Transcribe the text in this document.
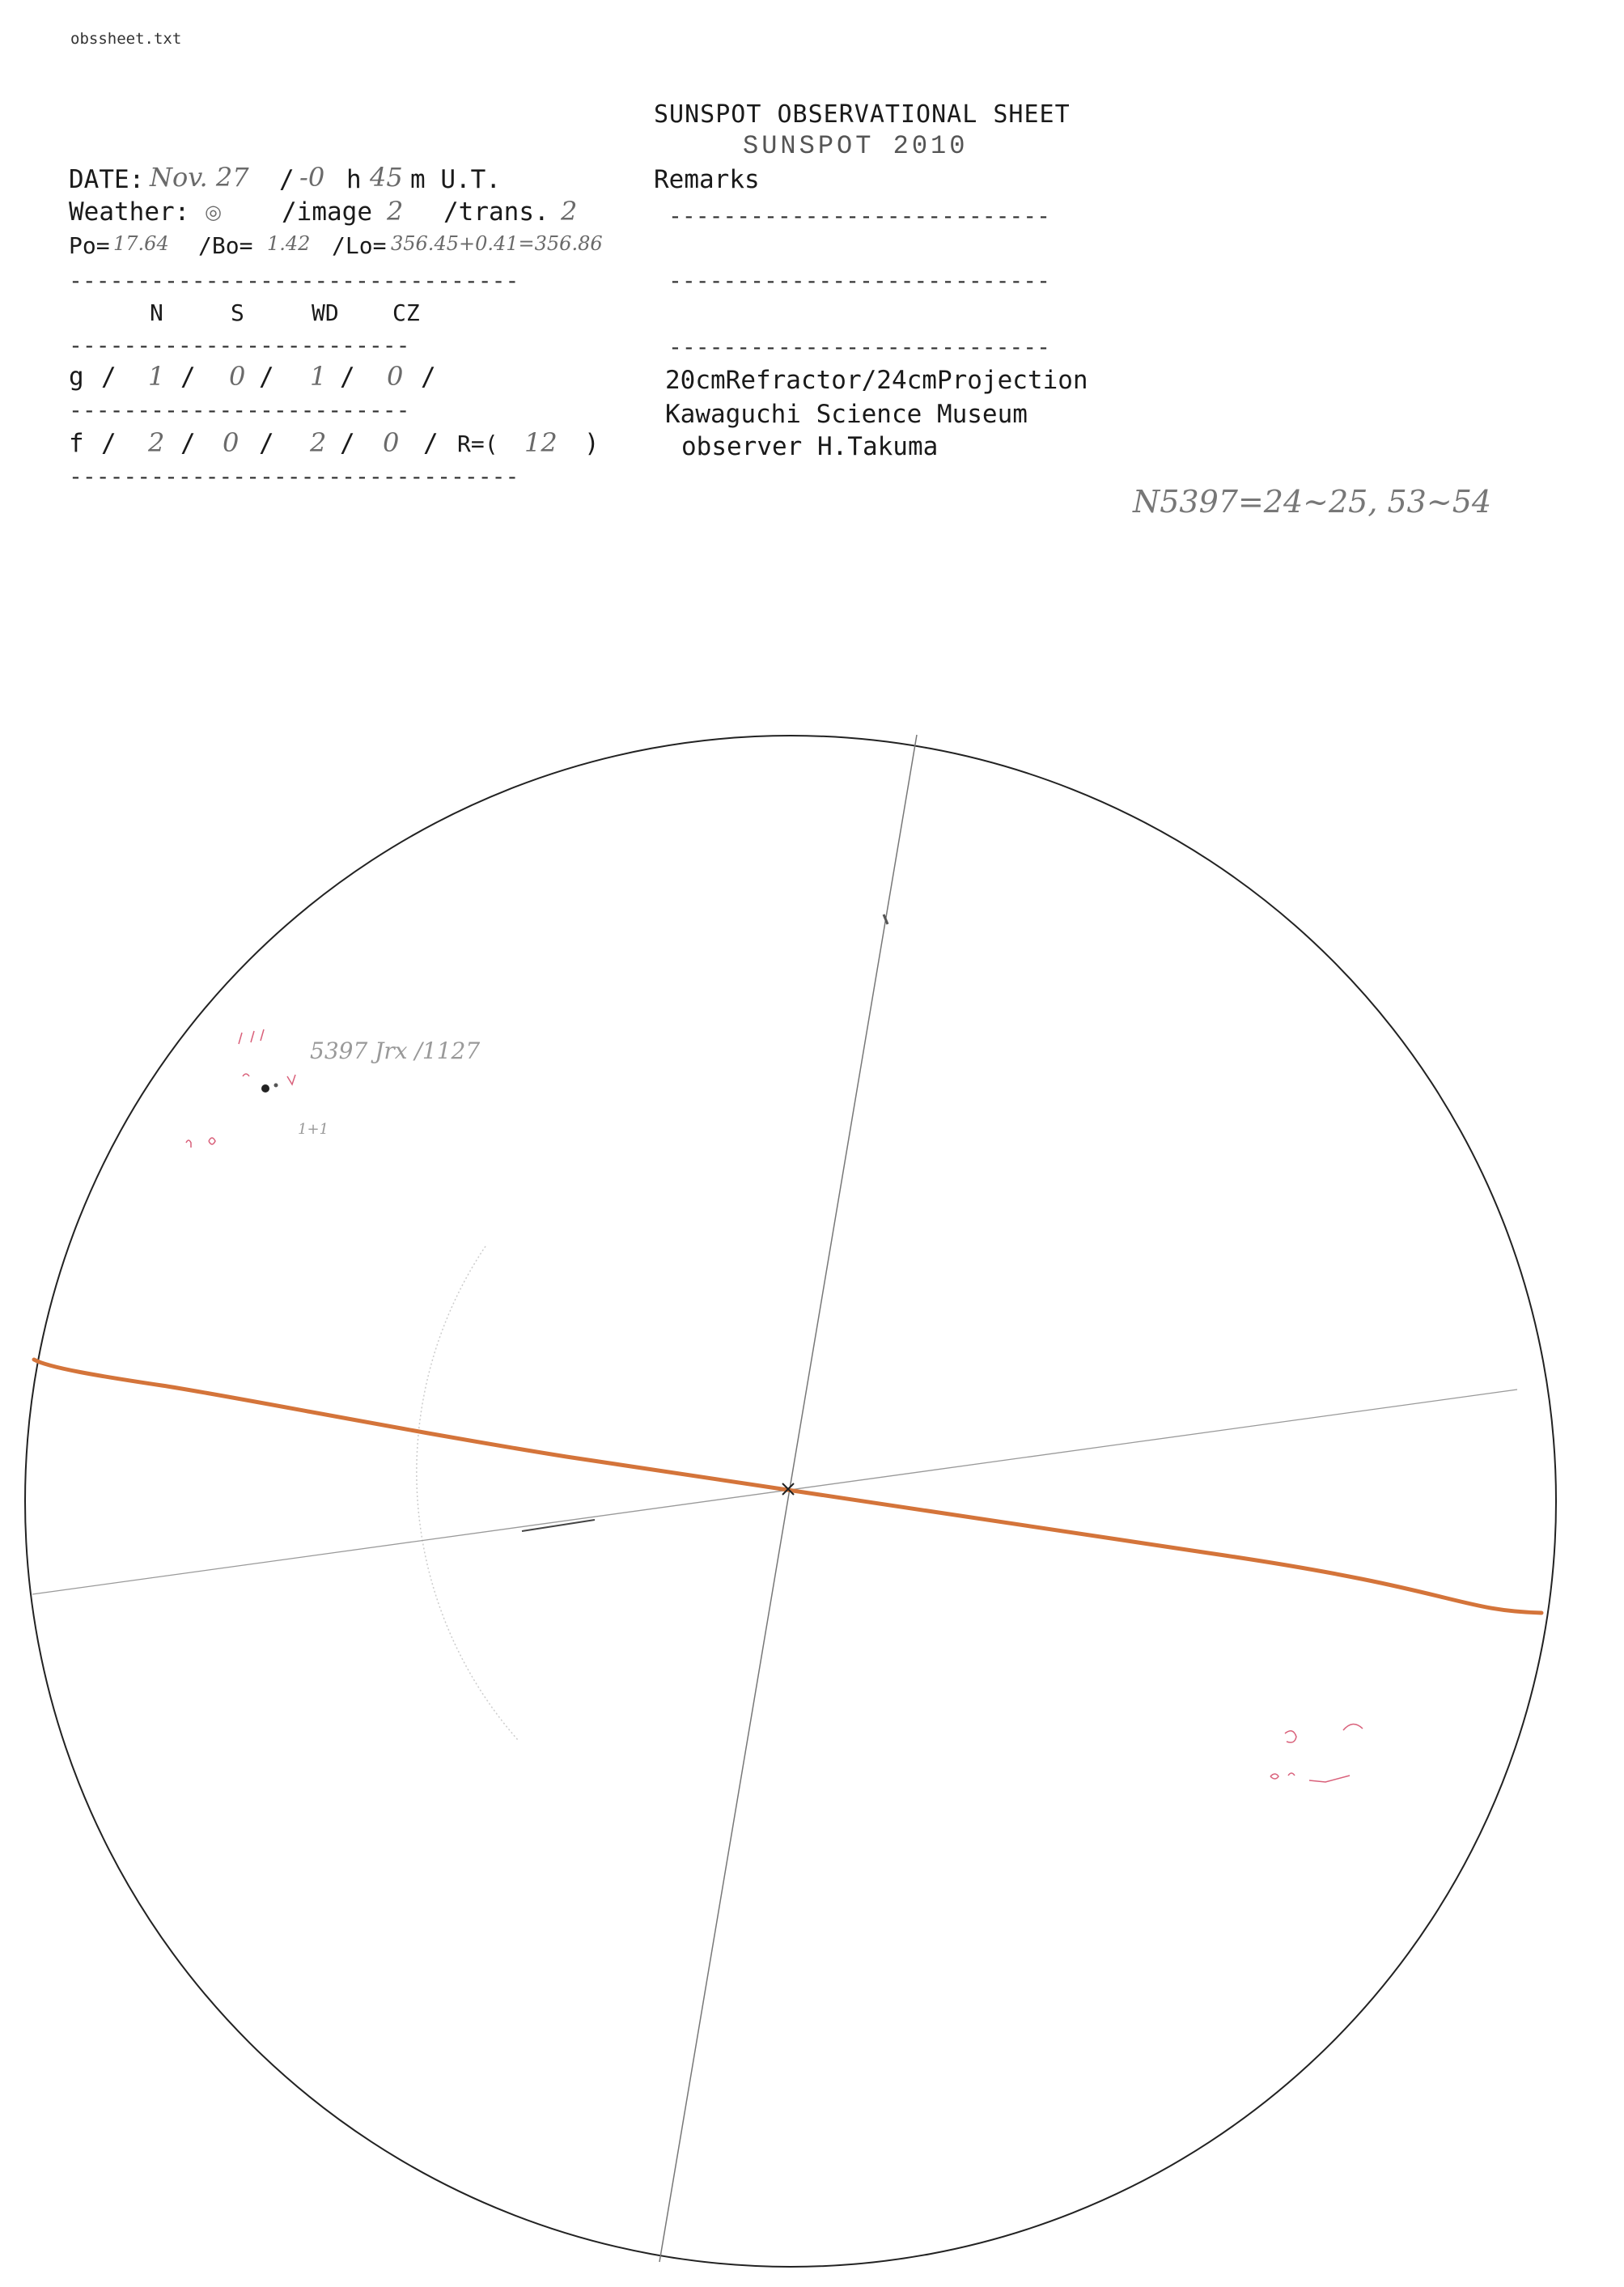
obssheet.txt
SUNSPOT OBSERVATIONAL SHEET
SUNSPOT 2010
Remarks
----------------------------
----------------------------
----------------------------
DATE: Nov. 27 / -0 h 45 m U.T.
Weather: ◎ /image 2 /trans. 2
Po= 17.64 /Bo= 1.42 /Lo= 356.45+0.41=356.86
---------------------------------
N	S	WD CZ
-------------------------
g / 1 / 0 / 1 / 0 /
-------------------------
f / 2 / 0 / 2 / 0 / R=( 12 )
---------------------------------
20cmRefractor/24cmProjection
Kawaguchi Science Museum
observer H.Takuma
N5397=24~25, 53~54
5397 Jrx /1127
1+1
